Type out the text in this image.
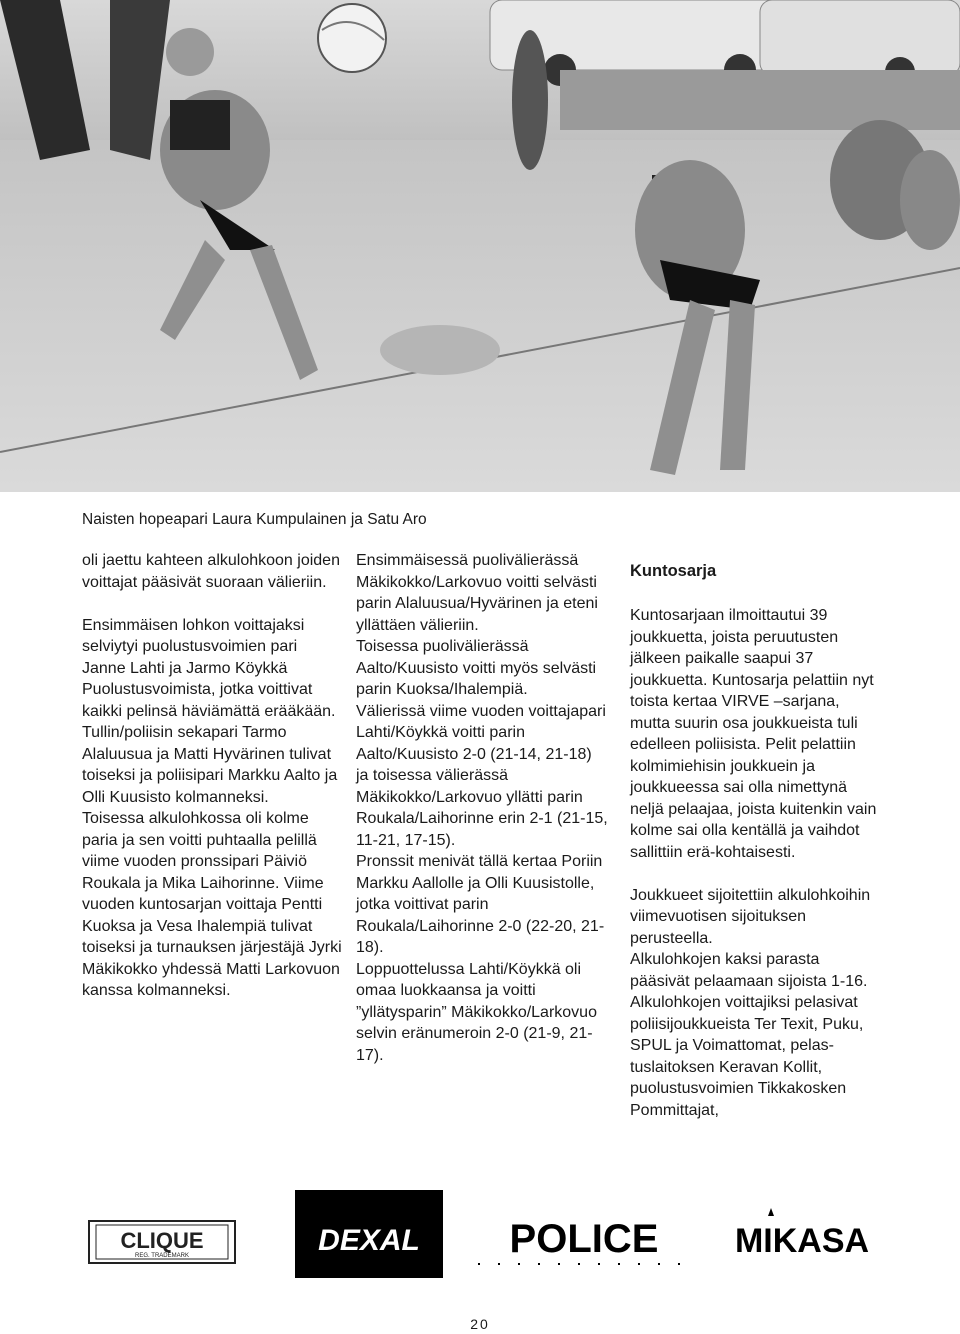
Naisten hopeapari Laura Kumpulainen ja Satu Aro

oli jaettu kahteen alkulohkoon joiden voittajat pääsivät suoraan välieriin.

Ensimmäisen lohkon voittajaksi selviytyi puolustusvoimien pari Janne Lahti ja Jarmo Köykkä Puolustusvoimista, jotka voittivat kaikki pelinsä häviämättä erääkään.

Tullin/poliisin sekapari Tarmo Alaluusua ja Matti Hyvärinen tulivat toiseksi ja poliisipari Markku Aalto ja Olli Kuusisto kolmanneksi.

Toisessa alkulohkossa oli kolme paria ja sen voitti puhtaalla pelillä viime vuoden pronssipari Päiviö Roukala ja Mika Laihorinne. Viime vuoden kuntosarjan voittaja Pentti Kuoksa ja Vesa Ihalempiä tulivat toiseksi ja turnauksen järjestäjä Jyrki Mäkikokko yhdessä Matti Larkovuon kanssa kolmanneksi.

Ensimmäisessä puolivälierässä Mäkikokko/Larkovuo voitti selvästi parin Alaluusua/Hyvärinen ja eteni yllättäen välieriin.

Toisessa puolivälierässä Aalto/Kuusisto voitti myös selvästi parin Kuoksa/Ihalempiä.

Välierissä viime vuoden voittajapari Lahti/Köykkä voitti parin Aalto/Kuusisto 2-0 (21-14, 21-18) ja toisessa välierässä Mäkikokko/Larkovuo yllätti parin Roukala/Laihorinne erin 2-1 (21-15, 11-21, 17-15).

Pronssit menivät tällä kertaa Poriin Markku Aallolle ja Olli Kuusistolle, jotka voittivat parin Roukala/Laihorinne 2-0 (22-20, 21-18).

Loppuottelussa Lahti/Köykkä oli omaa luokkaansa ja voitti ”yllätysparin” Mäkikokko/Larkovuo selvin eränumeroin 2-0 (21-9, 21-17).

Kuntosarja

Kuntosarjaan ilmoittautui 39 joukkuetta, joista peruutusten jälkeen paikalle saapui 37 joukkuetta. Kuntosarja pelattiin nyt toista kertaa VIRVE –sarjana, mutta suurin osa joukkueista tuli edelleen poliisista. Pelit pelattiin kolmimiehisin joukkuein ja joukkueessa sai olla nimettynä neljä pelaajaa, joista kuitenkin vain kolme sai olla kentällä ja vaihdot sallittiin erä-kohtaisesti.

Joukkueet sijoitettiin alkulohkoihin viimevuotisen sijoituksen perusteella.

Alkulohkojen kaksi parasta pääsivät pelaamaan sijoista 1-16. Alkulohkojen voittajiksi pelasivat poliisijoukkueista Ter Texit, Puku, SPUL ja Voimattomat, pelas-tuslaitoksen Keravan Kollit, puolustusvoimien Tikkakosken Pommittajat,

CLIQUE
REG. TRADEMARK	DEXAL POLICE MIKASA
20
